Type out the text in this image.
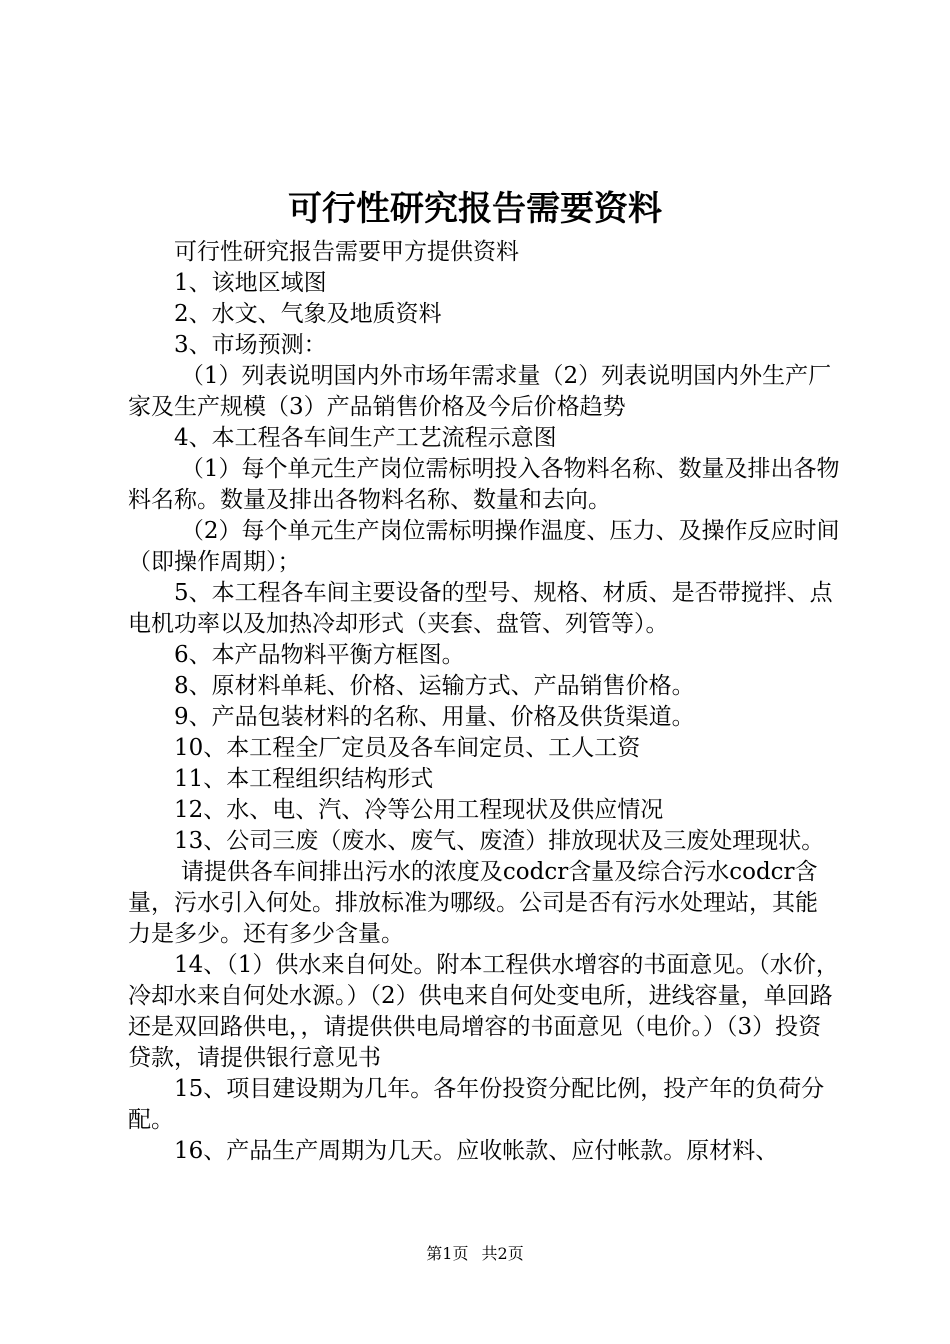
可行性研究报告需要资料

可行性研究报告需要甲方提供资料

1、该地区域图

2、水文、气象及地质资料

3、市场预测：

（1）列表说明国内外市场年需求量（2）列表说明国内外生产厂家及生产规模（3）产品销售价格及今后价格趋势

4、本工程各车间生产工艺流程示意图

（1）每个单元生产岗位需标明投入各物料名称、数量及排出各物料名称。数量及排出各物料名称、数量和去向。

（2）每个单元生产岗位需标明操作温度、压力、及操作反应时间（即操作周期）；

5、本工程各车间主要设备的型号、规格、材质、是否带搅拌、点电机功率以及加热冷却形式（夹套、盘管、列管等）。

6、本产品物料平衡方框图。

8、原材料单耗、价格、运输方式、产品销售价格。

9、产品包装材料的名称、用量、价格及供货渠道。

10、本工程全厂定员及各车间定员、工人工资

11、本工程组织结构形式

12、水、电、汽、冷等公用工程现状及供应情况

13、公司三废（废水、废气、废渣）排放现状及三废处理现状。

请提供各车间排出污水的浓度及codcr含量及综合污水codcr含量，污水引入何处。排放标准为哪级。公司是否有污水处理站，其能力是多少。还有多少含量。

14、（1）供水来自何处。附本工程供水增容的书面意见。（水价，冷却水来自何处水源。）（2）供电来自何处变电所，进线容量，单回路还是双回路供电，，请提供供电局增容的书面意见（电价。）（3）投资贷款，请提供银行意见书

15、项目建设期为几年。各年份投资分配比例，投产年的负荷分配。

16、产品生产周期为几天。应收帐款、应付帐款。原材料、

第1页 共2页
